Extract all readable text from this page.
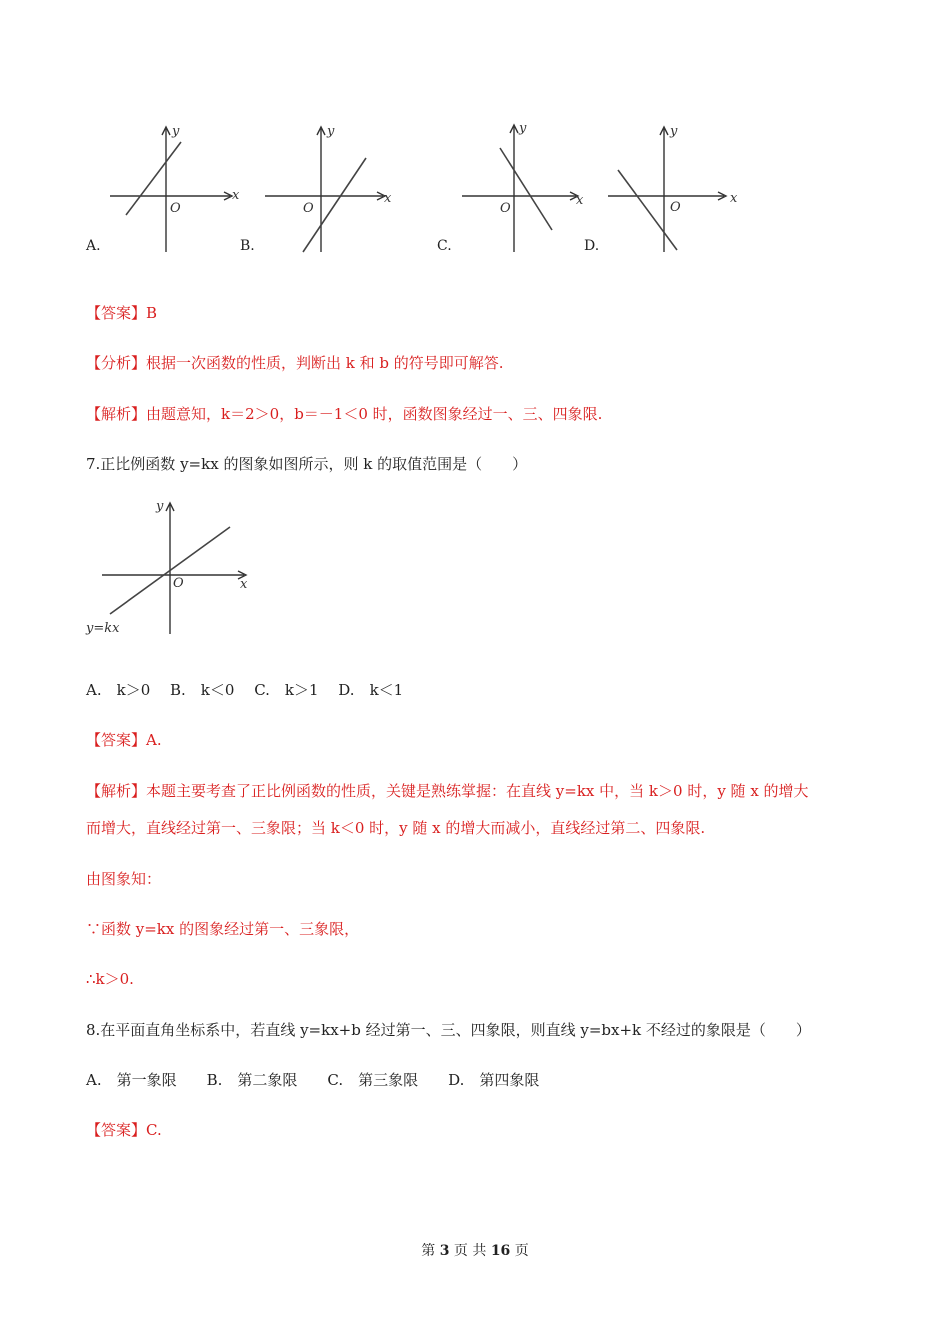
x
y
O
x
y
O
x
y
O
x
y
O
A.	B.	C.	D.
【答案】B
【分析】根据一次函数的性质，判断出 k 和 b 的符号即可解答.
【解析】由题意知，k＝2＞0，b＝－1＜0 时，函数图象经过一、三、四象限.
7.正比例函数 y=kx 的图象如图所示，则 k 的取值范围是（　　）
x
y
O
y=kx
A.　k＞0　 B.　k＜0　 C.　k＞1　 D.　k＜1
【答案】A.
【解析】本题主要考查了正比例函数的性质，关键是熟练掌握：在直线 y=kx 中，当 k＞0 时，y 随 x 的增大
而增大，直线经过第一、三象限；当 k＜0 时，y 随 x 的增大而减小，直线经过第二、四象限.
由图象知：
∵函数 y=kx 的图象经过第一、三象限，
∴k＞0.
8.在平面直角坐标系中，若直线 y=kx+b 经过第一、三、四象限，则直线 y=bx+k 不经过的象限是（　　）
A.　第一象限　　B.　第二象限　　C.　第三象限　　D.　第四象限
【答案】C.
第 3 页 共 16 页
